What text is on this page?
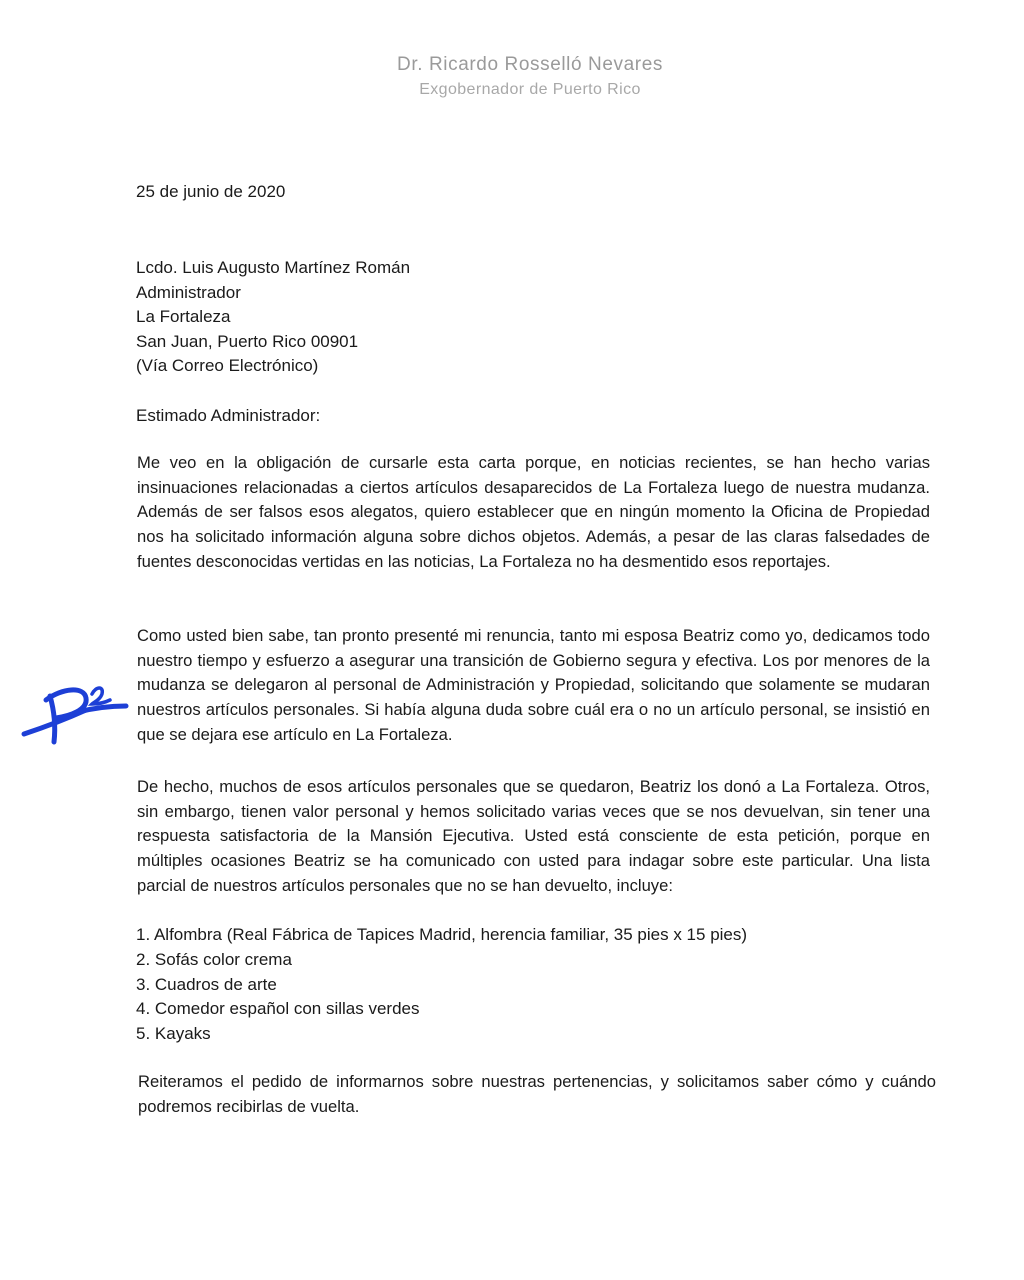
Dr. Ricardo Rosselló Nevares
Exgobernador de Puerto Rico
25 de junio de 2020
Lcdo. Luis Augusto Martínez Román
Administrador
La Fortaleza
San Juan, Puerto Rico 00901
(Vía Correo Electrónico)
Estimado Administrador:
Me veo en la obligación de cursarle esta carta porque, en noticias recientes, se han hecho varias insinuaciones relacionadas a ciertos artículos desaparecidos de La Fortaleza luego de nuestra mudanza. Además de ser falsos esos alegatos, quiero establecer que en ningún momento la Oficina de Propiedad nos ha solicitado información alguna sobre dichos objetos. Además, a pesar de las claras falsedades de fuentes desconocidas vertidas en las noticias, La Fortaleza no ha desmentido esos reportajes.
Como usted bien sabe, tan pronto presenté mi renuncia, tanto mi esposa Beatriz como yo, dedicamos todo nuestro tiempo y esfuerzo a asegurar una transición de Gobierno segura y efectiva. Los por menores de la mudanza se delegaron al personal de Administración y Propiedad, solicitando que solamente se mudaran nuestros artículos personales. Si había alguna duda sobre cuál era o no un artículo personal, se insistió en que se dejara ese artículo en La Fortaleza.
De hecho, muchos de esos artículos personales que se quedaron, Beatriz los donó a La Fortaleza. Otros, sin embargo, tienen valor personal y hemos solicitado varias veces que se nos devuelvan, sin tener una respuesta satisfactoria de la Mansión Ejecutiva. Usted está consciente de esta petición, porque en múltiples ocasiones Beatriz se ha comunicado con usted para indagar sobre este particular. Una lista parcial de nuestros artículos personales que no se han devuelto, incluye:
1. Alfombra (Real Fábrica de Tapices Madrid, herencia familiar, 35 pies x 15 pies)
2. Sofás color crema
3. Cuadros de arte
4. Comedor español con sillas verdes
5. Kayaks
Reiteramos el pedido de informarnos sobre nuestras pertenencias, y solicitamos saber cómo y cuándo podremos recibirlas de vuelta.
